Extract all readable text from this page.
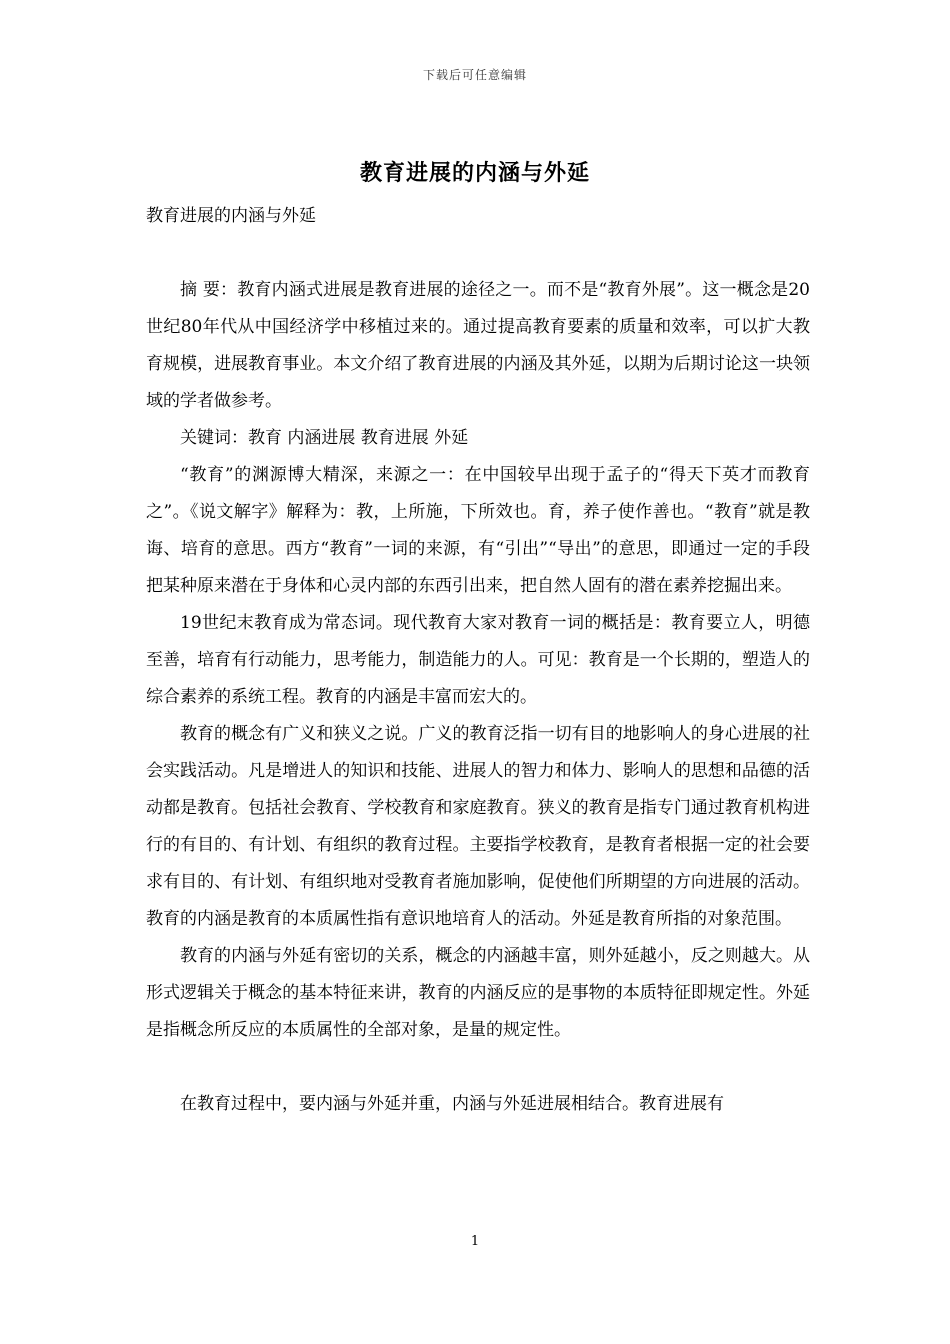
下载后可任意编辑
教育进展的内涵与外延
教育进展的内涵与外延

摘 要：教育内涵式进展是教育进展的途径之一。而不是“教育外展”。这一概念是20世纪80年代从中国经济学中移植过来的。通过提高教育要素的质量和效率，可以扩大教育规模，进展教育事业。本文介绍了教育进展的内涵及其外延，以期为后期讨论这一块领域的学者做参考。

关键词：教育 内涵进展 教育进展 外延

“教育”的渊源博大精深，来源之一：在中国较早出现于孟子的“得天下英才而教育之”。《说文解字》解释为：教，上所施，下所效也。育，养子使作善也。“教育”就是教诲、培育的意思。西方“教育”一词的来源，有“引出”“导出”的意思，即通过一定的手段把某种原来潜在于身体和心灵内部的东西引出来，把自然人固有的潜在素养挖掘出来。

19世纪末教育成为常态词。现代教育大家对教育一词的概括是：教育要立人，明德至善，培育有行动能力，思考能力，制造能力的人。可见：教育是一个长期的，塑造人的综合素养的系统工程。教育的内涵是丰富而宏大的。

教育的概念有广义和狭义之说。广义的教育泛指一切有目的地影响人的身心进展的社会实践活动。凡是增进人的知识和技能、进展人的智力和体力、影响人的思想和品德的活动都是教育。包括社会教育、学校教育和家庭教育。狭义的教育是指专门通过教育机构进行的有目的、有计划、有组织的教育过程。主要指学校教育，是教育者根据一定的社会要求有目的、有计划、有组织地对受教育者施加影响，促使他们所期望的方向进展的活动。教育的内涵是教育的本质属性指有意识地培育人的活动。外延是教育所指的对象范围。

教育的内涵与外延有密切的关系，概念的内涵越丰富，则外延越小，反之则越大。从形式逻辑关于概念的基本特征来讲，教育的内涵反应的是事物的本质特征即规定性。外延是指概念所反应的本质属性的全部对象，是量的规定性。

在教育过程中，要内涵与外延并重，内涵与外延进展相结合。教育进展有

1
